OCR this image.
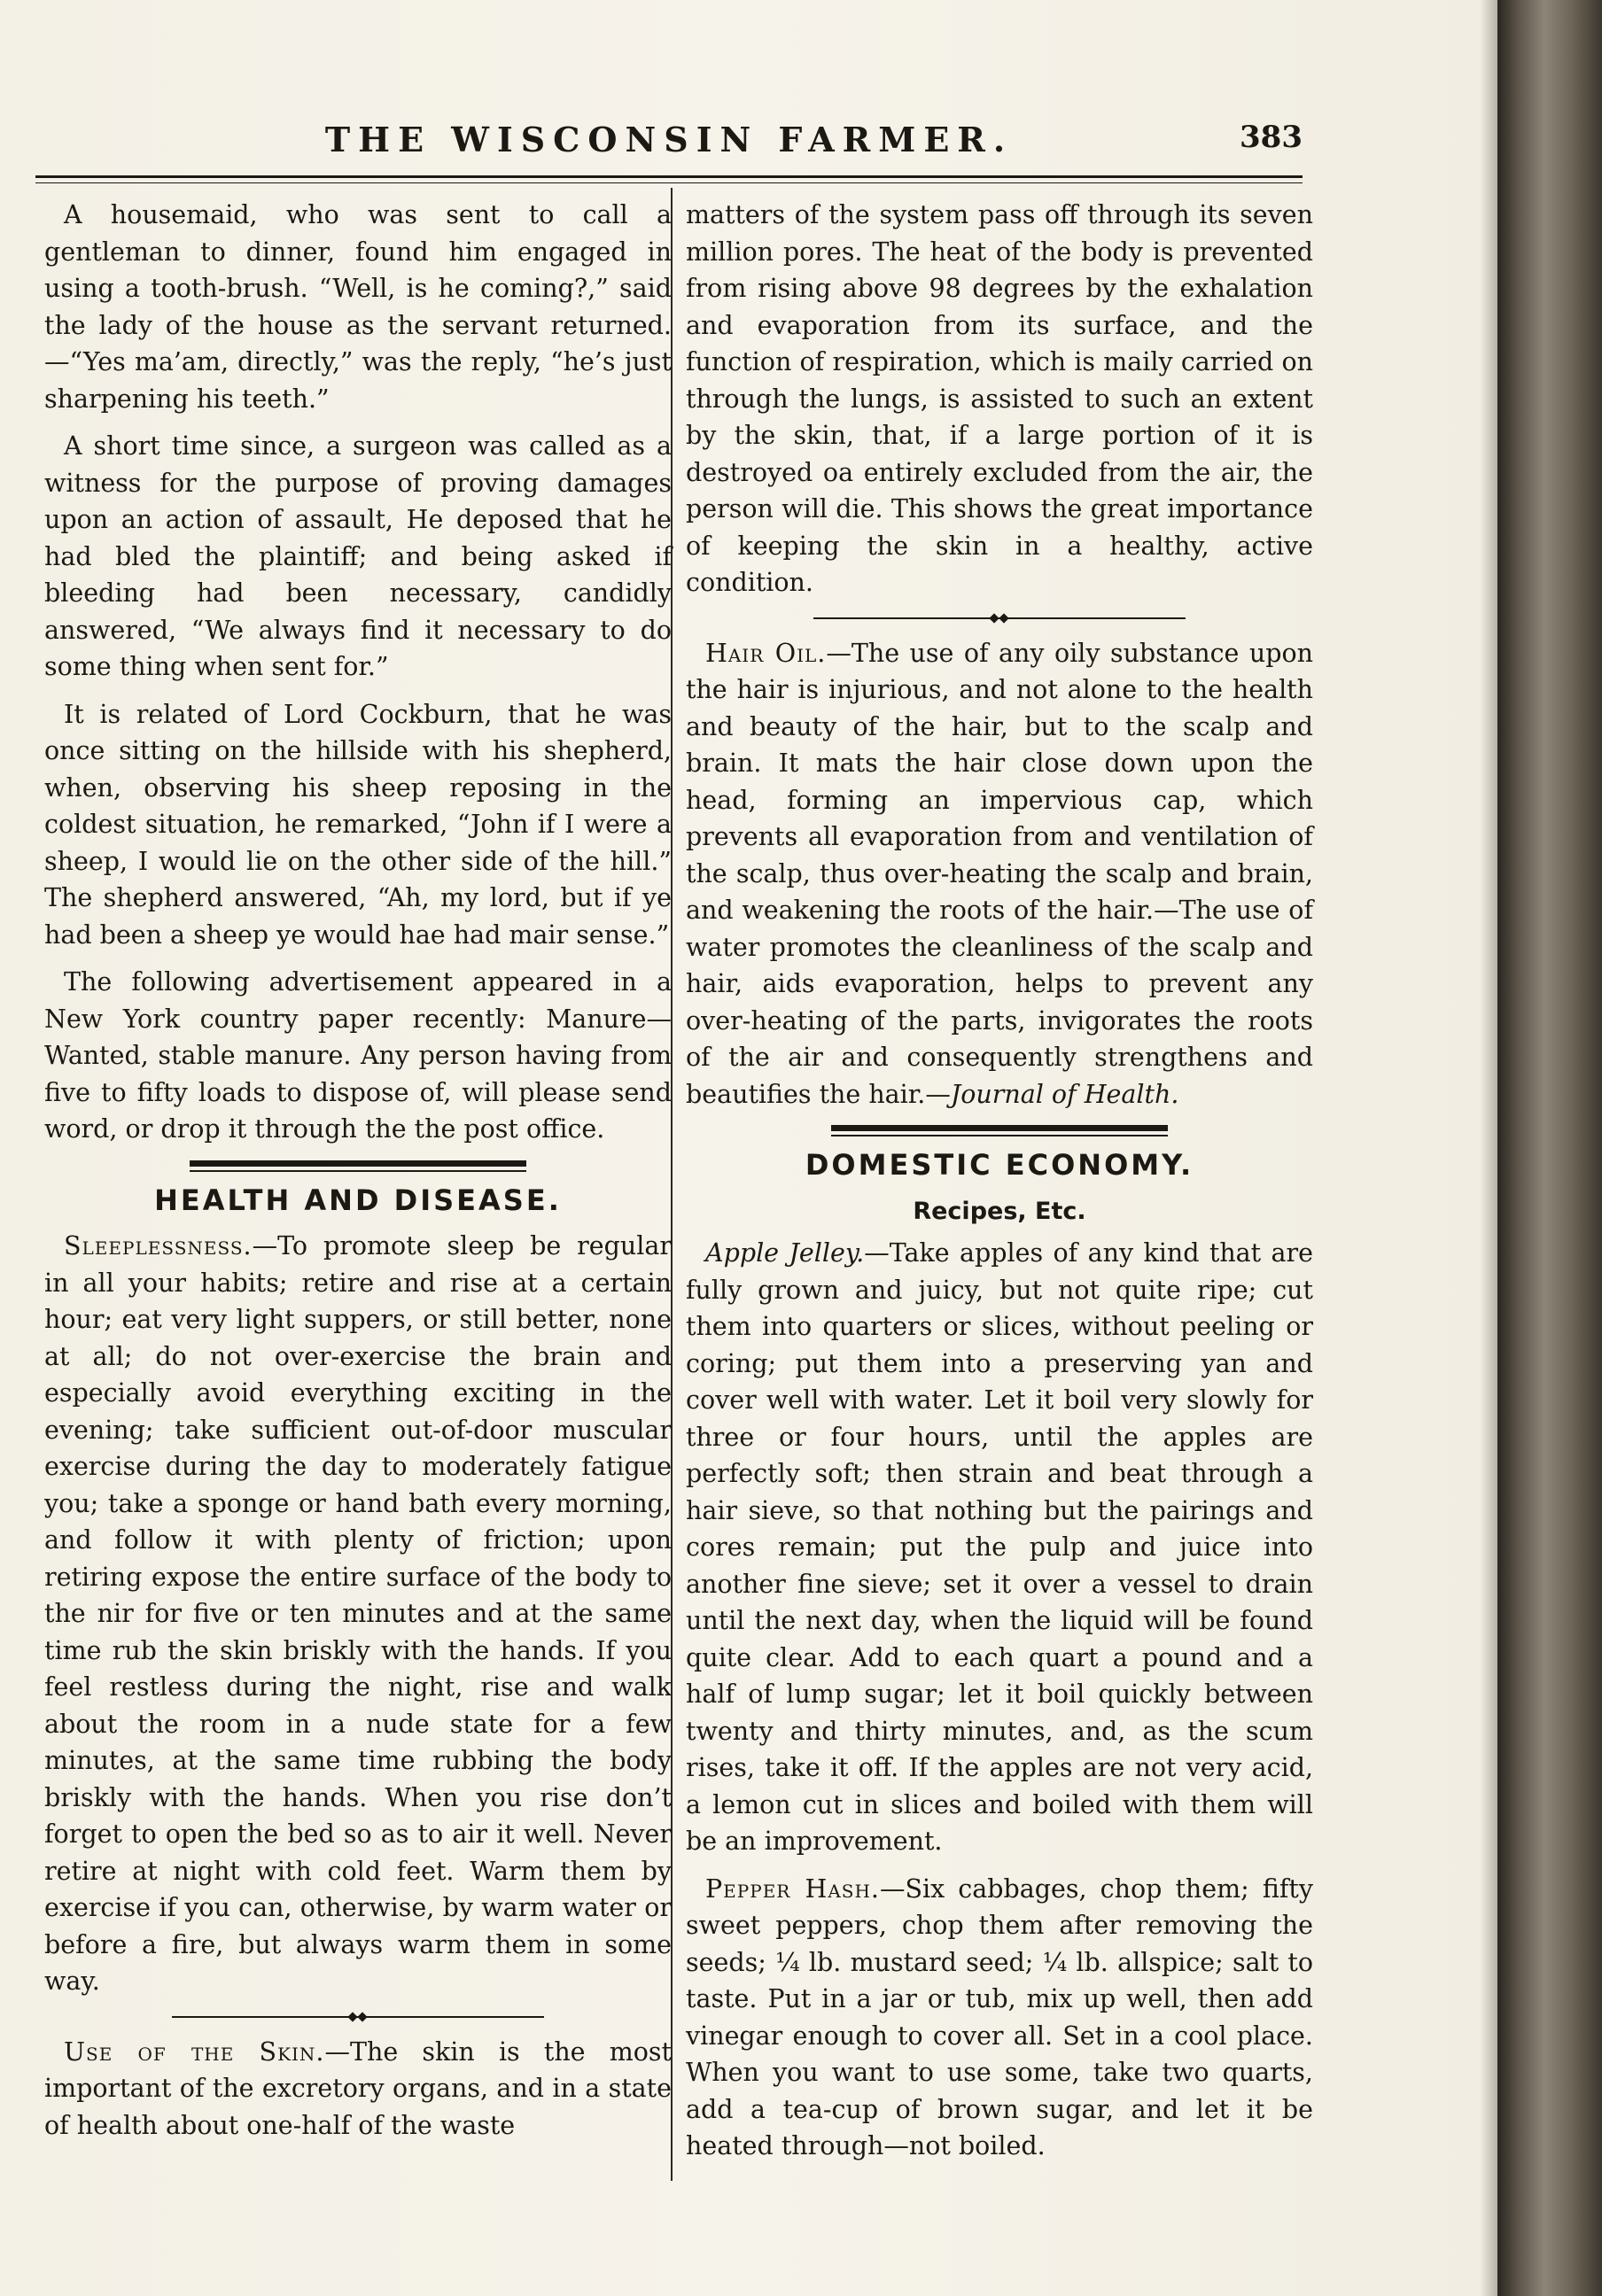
THE WISCONSIN FARMER.	383

A housemaid, who was sent to call a gentleman to dinner, found him engaged in using a tooth-brush. “Well, is he coming?,” said the lady of the house as the servant returned.—“Yes ma’am, directly,” was the reply, “he’s just sharpening his teeth.”

A short time since, a surgeon was called as a witness for the purpose of proving damages upon an action of assault, He deposed that he had bled the plaintiff; and being asked if bleeding had been necessary, candidly answered, “We always find it necessary to do some thing when sent for.”

It is related of Lord Cockburn, that he was once sitting on the hillside with his shepherd, when, observing his sheep reposing in the coldest situation, he remarked, “John if I were a sheep, I would lie on the other side of the hill.” The shepherd answered, “Ah, my lord, but if ye had been a sheep ye would hae had mair sense.”

The following advertisement appeared in a New York country paper recently: Manure—Wanted, stable manure. Any person having from five to fifty loads to dispose of, will please send word, or drop it through the the post office.

HEALTH AND DISEASE.

Sleeplessness.—To promote sleep be regular in all your habits; retire and rise at a certain hour; eat very light suppers, or still better, none at all; do not over-exercise the brain and especially avoid everything exciting in the evening; take sufficient out-of-door muscular exercise during the day to moderately fatigue you; take a sponge or hand bath every morning, and follow it with plenty of friction; upon retiring expose the entire surface of the body to the nir for five or ten minutes and at the same time rub the skin briskly with the hands. If you feel restless during the night, rise and walk about the room in a nude state for a few minutes, at the same time rubbing the body briskly with the hands. When you rise don’t forget to open the bed so as to air it well. Never retire at night with cold feet. Warm them by exercise if you can, otherwise, by warm water or before a fire, but always warm them in some way.

Use of the Skin.—The skin is the most important of the excretory organs, and in a state of health about one-half of the waste

matters of the system pass off through its seven million pores. The heat of the body is prevented from rising above 98 degrees by the exhalation and evaporation from its surface, and the function of respiration, which is maily carried on through the lungs, is assisted to such an extent by the skin, that, if a large portion of it is destroyed oa entirely excluded from the air, the person will die. This shows the great importance of keeping the skin in a healthy, active condition.

Hair Oil.—The use of any oily substance upon the hair is injurious, and not alone to the health and beauty of the hair, but to the scalp and brain. It mats the hair close down upon the head, forming an impervious cap, which prevents all evaporation from and ventilation of the scalp, thus over-heating the scalp and brain, and weakening the roots of the hair.—The use of water promotes the cleanliness of the scalp and hair, aids evaporation, helps to prevent any over-heating of the parts, invigorates the roots of the air and consequently strengthens and beautifies the hair.—Journal of Health.

DOMESTIC ECONOMY.
Recipes, Etc.

Apple Jelley.—Take apples of any kind that are fully grown and juicy, but not quite ripe; cut them into quarters or slices, without peeling or coring; put them into a preserving yan and cover well with water. Let it boil very slowly for three or four hours, until the apples are perfectly soft; then strain and beat through a hair sieve, so that nothing but the pairings and cores remain; put the pulp and juice into another fine sieve; set it over a vessel to drain until the next day, when the liquid will be found quite clear. Add to each quart a pound and a half of lump sugar; let it boil quickly between twenty and thirty minutes, and, as the scum rises, take it off. If the apples are not very acid, a lemon cut in slices and boiled with them will be an improvement.

Pepper Hash.—Six cabbages, chop them; fifty sweet peppers, chop them after removing the seeds; ¼ lb. mustard seed; ¼ lb. allspice; salt to taste. Put in a jar or tub, mix up well, then add vinegar enough to cover all. Set in a cool place. When you want to use some, take two quarts, add a tea-cup of brown sugar, and let it be heated through—not boiled.
